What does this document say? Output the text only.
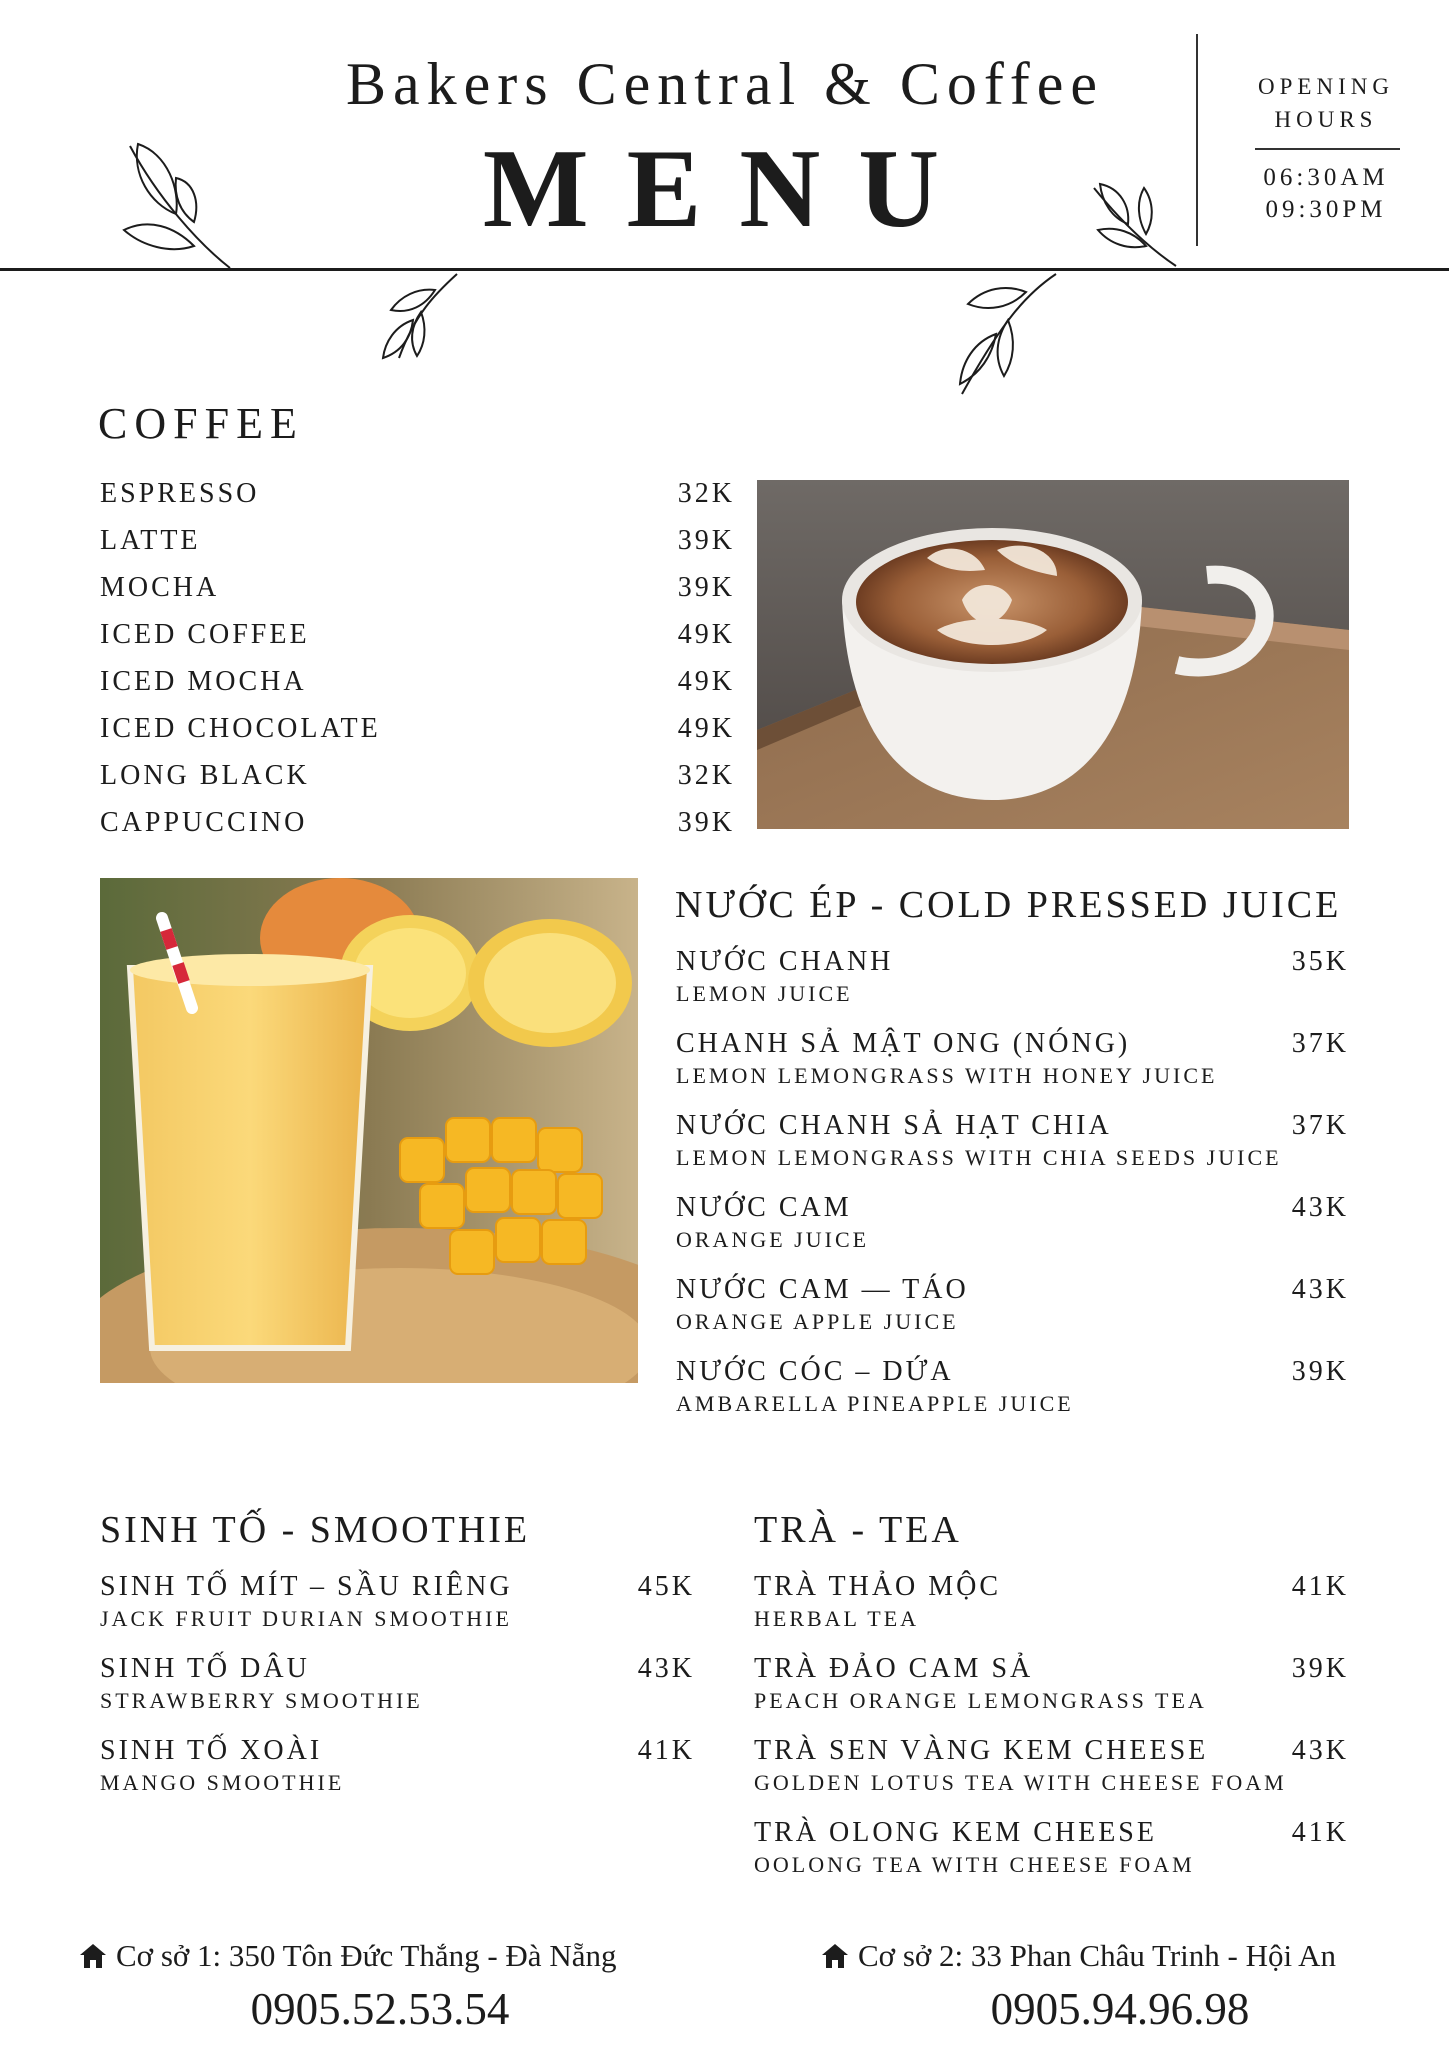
Bakers Central & Coffee
MENU
OPENING
HOURS
06:30AM
09:30PM
COFFEE
ESPRESSO	32K
LATTE	39K
MOCHA	39K
ICED COFFEE	49K
ICED MOCHA	49K
ICED CHOCOLATE	49K
LONG BLACK	32K
CAPPUCCINO	39K
NƯỚC ÉP - COLD PRESSED JUICE
NƯỚC CHANH	35K
LEMON JUICE
CHANH SẢ MẬT ONG (NÓNG)	37K
LEMON LEMONGRASS WITH HONEY JUICE
NƯỚC CHANH SẢ HẠT CHIA	37K
LEMON LEMONGRASS WITH CHIA SEEDS JUICE
NƯỚC CAM	43K
ORANGE JUICE
NƯỚC CAM — TÁO	43K
ORANGE APPLE JUICE
NƯỚC CÓC – DỨA	39K
AMBARELLA PINEAPPLE JUICE
SINH TỐ - SMOOTHIE
SINH TỐ MÍT – SẦU RIÊNG	45K
JACK FRUIT DURIAN SMOOTHIE
SINH TỐ DÂU	43K
STRAWBERRY SMOOTHIE
SINH TỐ XOÀI	41K
MANGO SMOOTHIE
TRÀ - TEA
TRÀ THẢO MỘC	41K
HERBAL TEA
TRÀ ĐẢO CAM SẢ	39K
PEACH ORANGE LEMONGRASS TEA
TRÀ SEN VÀNG KEM CHEESE	43K
GOLDEN LOTUS TEA WITH CHEESE FOAM
TRÀ OLONG KEM CHEESE	41K
OOLONG TEA WITH CHEESE FOAM
Cơ sở 1: 350 Tôn Đức Thắng - Đà Nẵng
0905.52.53.54
Cơ sở 2: 33 Phan Châu Trinh - Hội An
0905.94.96.98
